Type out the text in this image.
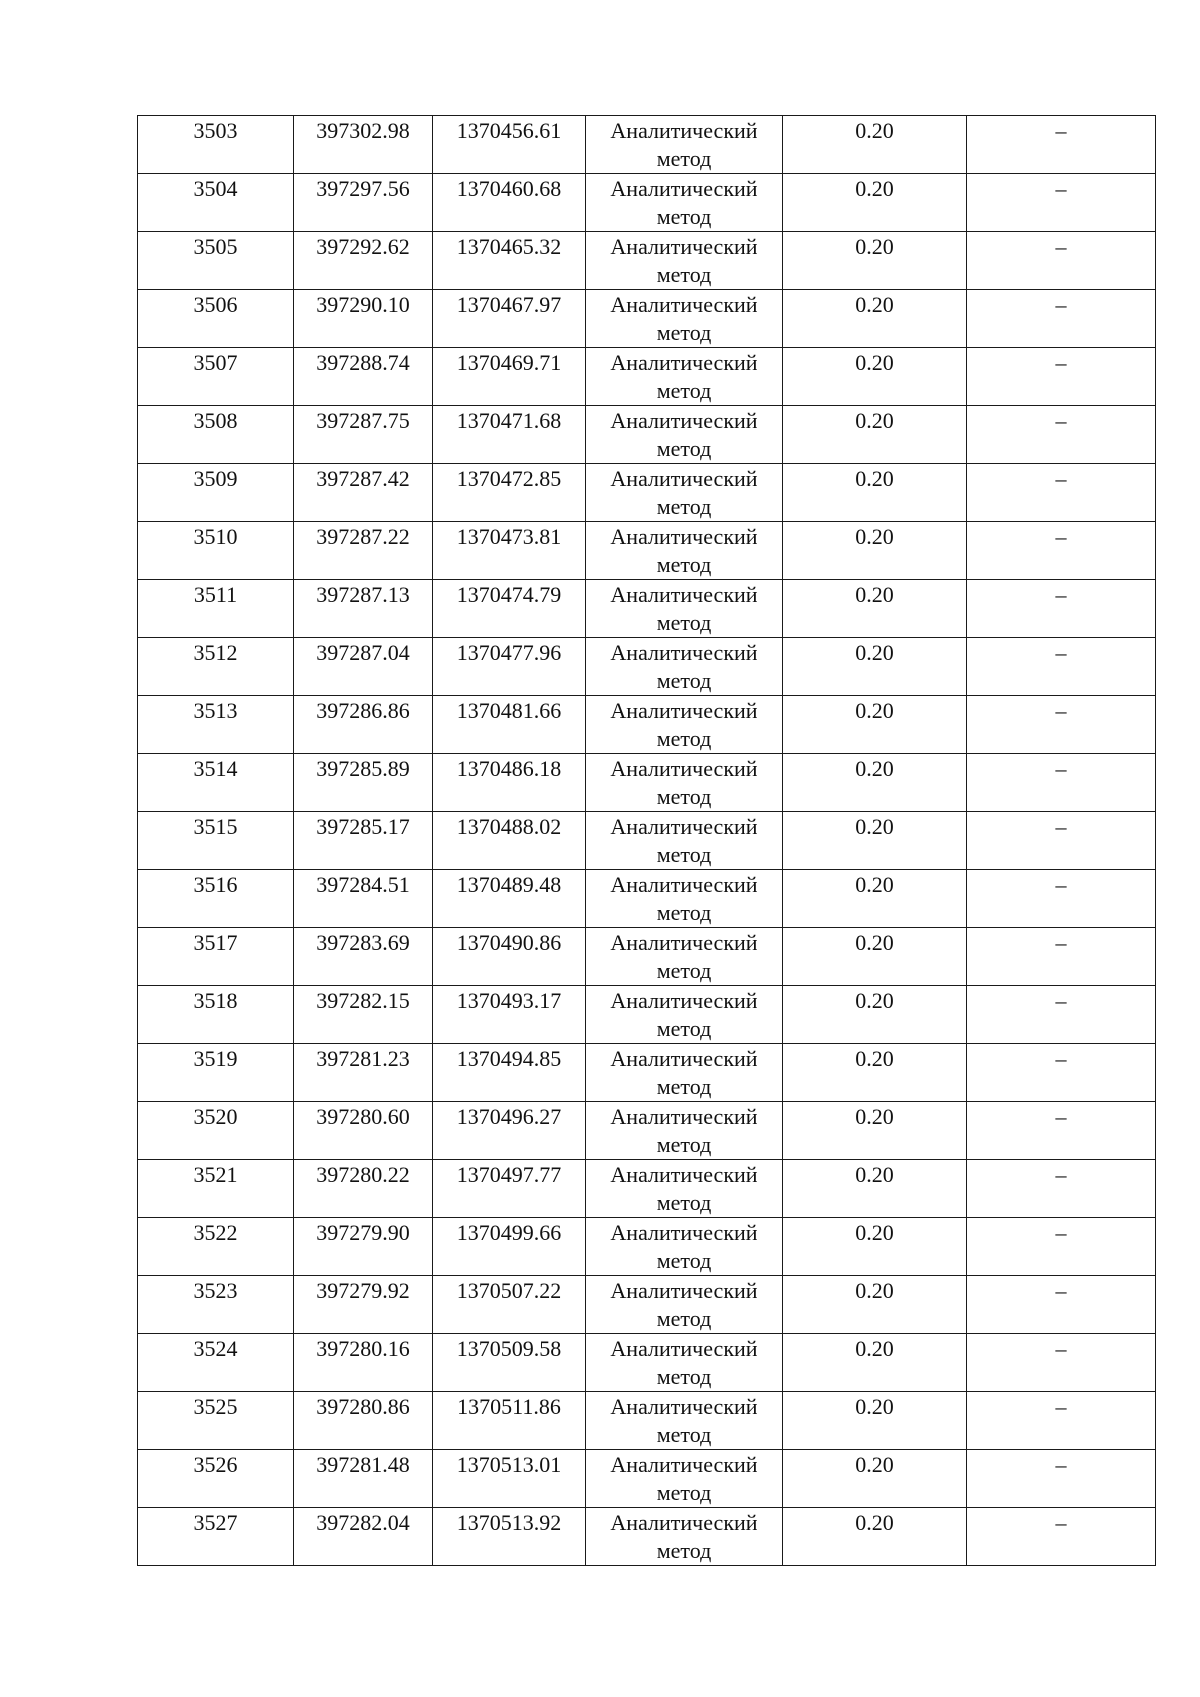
3503	397302.98	1370456.61	Аналитический метод	0.20	–
3504	397297.56	1370460.68	Аналитический метод	0.20	–
3505	397292.62	1370465.32	Аналитический метод	0.20	–
3506	397290.10	1370467.97	Аналитический метод	0.20	–
3507	397288.74	1370469.71	Аналитический метод	0.20	–
3508	397287.75	1370471.68	Аналитический метод	0.20	–
3509	397287.42	1370472.85	Аналитический метод	0.20	–
3510	397287.22	1370473.81	Аналитический метод	0.20	–
3511	397287.13	1370474.79	Аналитический метод	0.20	–
3512	397287.04	1370477.96	Аналитический метод	0.20	–
3513	397286.86	1370481.66	Аналитический метод	0.20	–
3514	397285.89	1370486.18	Аналитический метод	0.20	–
3515	397285.17	1370488.02	Аналитический метод	0.20	–
3516	397284.51	1370489.48	Аналитический метод	0.20	–
3517	397283.69	1370490.86	Аналитический метод	0.20	–
3518	397282.15	1370493.17	Аналитический метод	0.20	–
3519	397281.23	1370494.85	Аналитический метод	0.20	–
3520	397280.60	1370496.27	Аналитический метод	0.20	–
3521	397280.22	1370497.77	Аналитический метод	0.20	–
3522	397279.90	1370499.66	Аналитический метод	0.20	–
3523	397279.92	1370507.22	Аналитический метод	0.20	–
3524	397280.16	1370509.58	Аналитический метод	0.20	–
3525	397280.86	1370511.86	Аналитический метод	0.20	–
3526	397281.48	1370513.01	Аналитический метод	0.20	–
3527	397282.04	1370513.92	Аналитический метод	0.20	–
